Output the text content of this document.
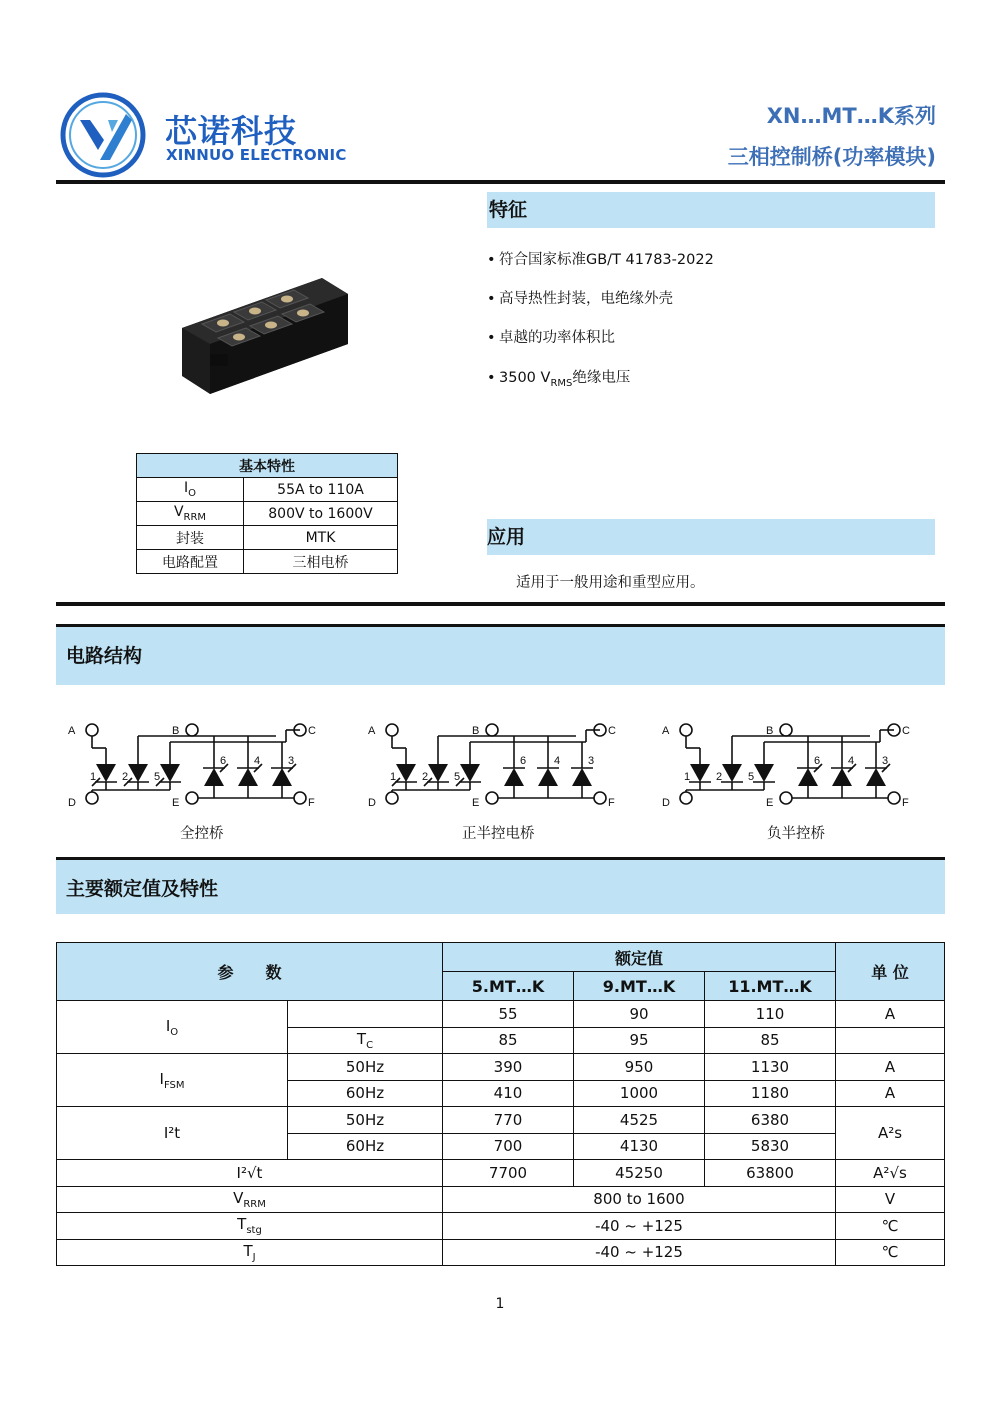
芯诺科技
XINNUO ELECTRONIC
XN…MT…K系列
三相控制桥(功率模块)
特征
• 符合国家标准GB/T 41783-2022
• 高导热性封装，电绝缘外壳
• 卓越的功率体积比
• 3500 $V_{RMS}$绝缘电压
基本特性	
$I_O$	55A to 110A
$V_{RRM}$	800V to 1600V
封装	MTK
电路配置	三相电桥
应用
适用于一般用途和重型应用。
电路结构
A	B	C
D	E	F
1 2 5
6	4	3
A	B	C
D	E	F
1 2 5
6	4	3
A	B	C
D	E	F
1 2 5
6	4	3
全控桥	正半控电桥	负半控桥
主要额定值及特性
参　　数		额定值			单 位
		5.MT…K	9.MT…K	11.MT…K	
$I_O$		55	90	110	A
	$T_C$	85	95	85	
$I_{FSM}$	50Hz	390	950	1130	A
	60Hz	410	1000	1180	A
I²t	50Hz	770	4525	6380	A²s
	60Hz	700	4130	5830	
I²√t		7700	45250	63800	A²√s
$V_{RRM}$		800 to 1600			V
$T_{stg}$		-40 ~ +125			℃
$T_J$		-40 ~ +125			℃
1
